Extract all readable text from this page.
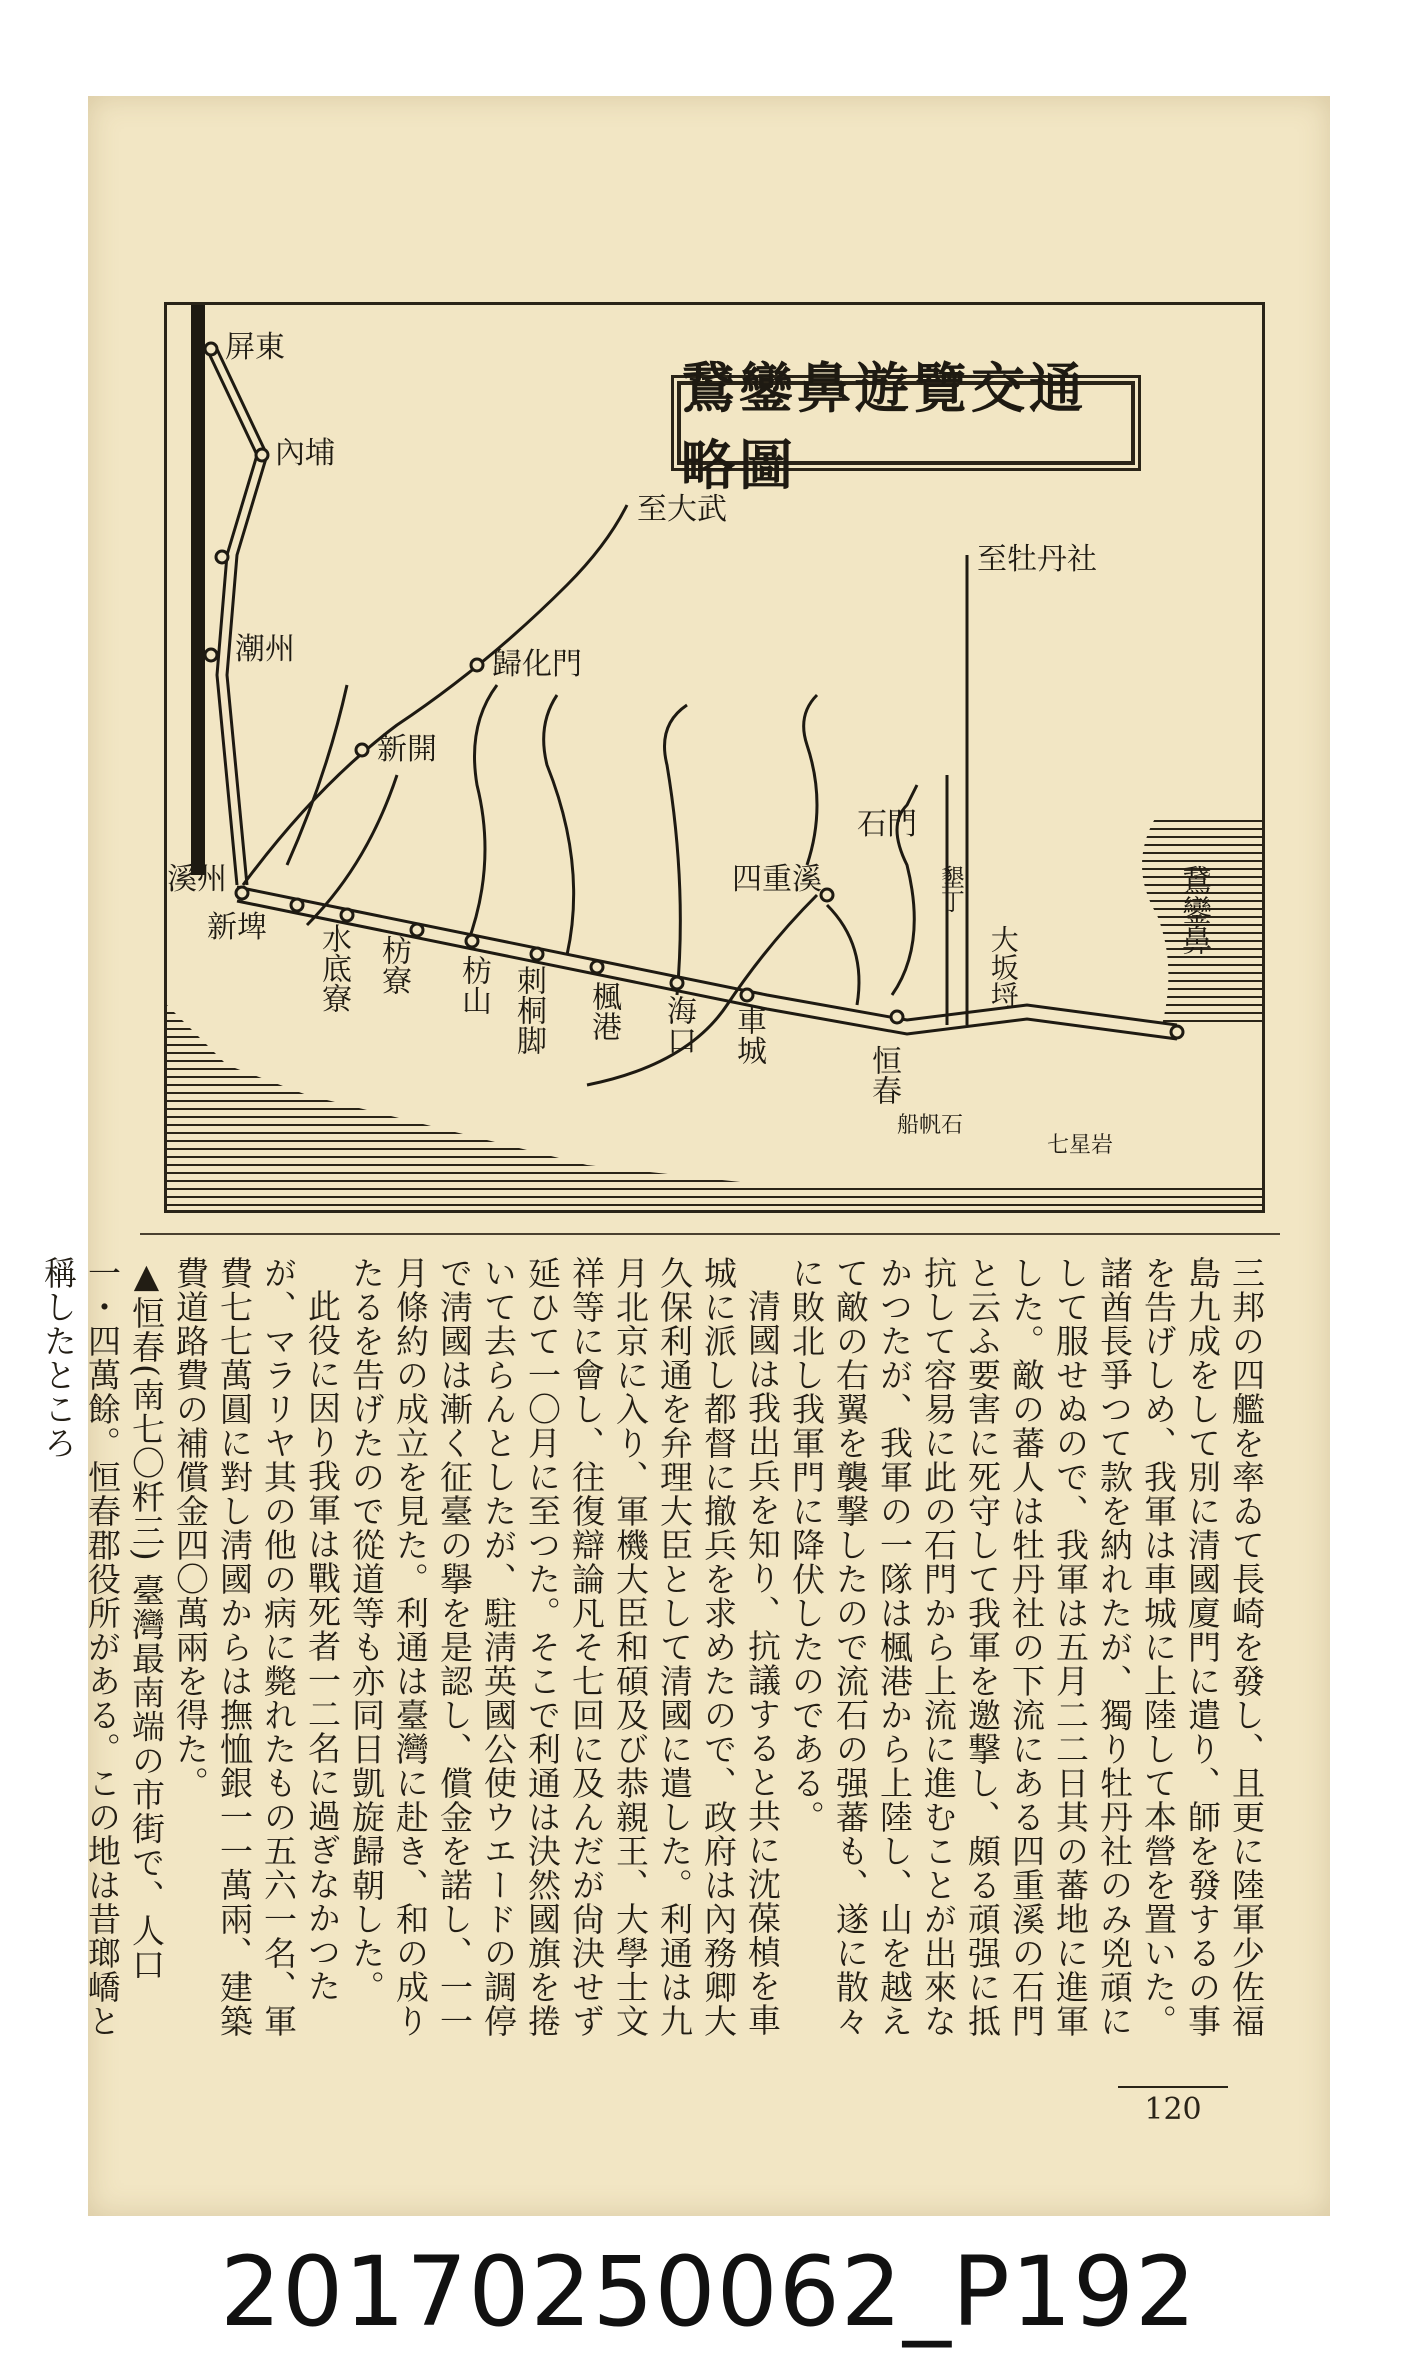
鵞鑾鼻遊覽交通略圖
屏東
內埔
潮州
溪州
新埤 水底寮 枋寮 枋山 刺桐脚 楓港 海口 車城
恒春
大坂埒
鵞鑾鼻
石門
四重溪
新開
歸化門
至大武
至牡丹社
墾丁
七星岩
船帆石

三邦の四艦を率ゐて長崎を發し、且更に陸軍少佐福島九成をして別に清國廈門に遣り、師を發するの事を告げしめ、我軍は車城に上陸して本營を置いた。諸酋長爭つて款を納れたが、獨り牡丹社のみ兇頑にして服せぬので、我軍は五月二二日其の蕃地に進軍した。敵の蕃人は牡丹社の下流にある四重溪の石門と云ふ要害に死守して我軍を邀撃し、頗る頑强に抵抗して容易に此の石門から上流に進むことが出來なかつたが、我軍の一隊は楓港から上陸し、山を越えて敵の右翼を襲撃したので流石の强蕃も、遂に散々に敗北し我軍門に降伏したのである。

清國は我出兵を知り、抗議すると共に沈葆楨を車城に派し都督に撤兵を求めたので、政府は內務卿大久保利通を弁理大臣として清國に遣した。利通は九月北京に入り、軍機大臣和碩及び恭親王、大學士文祥等に會し、往復辯論凡そ七回に及んだが尙決せず延ひて一〇月に至つた。そこで利通は決然國旗を捲いて去らんとしたが、駐淸英國公使ウエードの調停で淸國は漸く征臺の擧を是認し、償金を諾し、一一月條約の成立を見た。利通は臺灣に赴き、和の成りたるを告げたので從道等も亦同日凱旋歸朝した。

此役に因り我軍は戰死者一二名に過ぎなかつたが、マラリヤ其の他の病に斃れたもの五六一名、軍費七七萬圓に對し淸國からは撫恤銀一一萬兩、建築費道路費の補償金四〇萬兩を得た。

▲恒春(南七〇粁三) 臺灣最南端の市街で、人口一・四萬餘。恒春郡役所がある。この地は昔瑯嶠と稱したところ

120
20170250062_P192
